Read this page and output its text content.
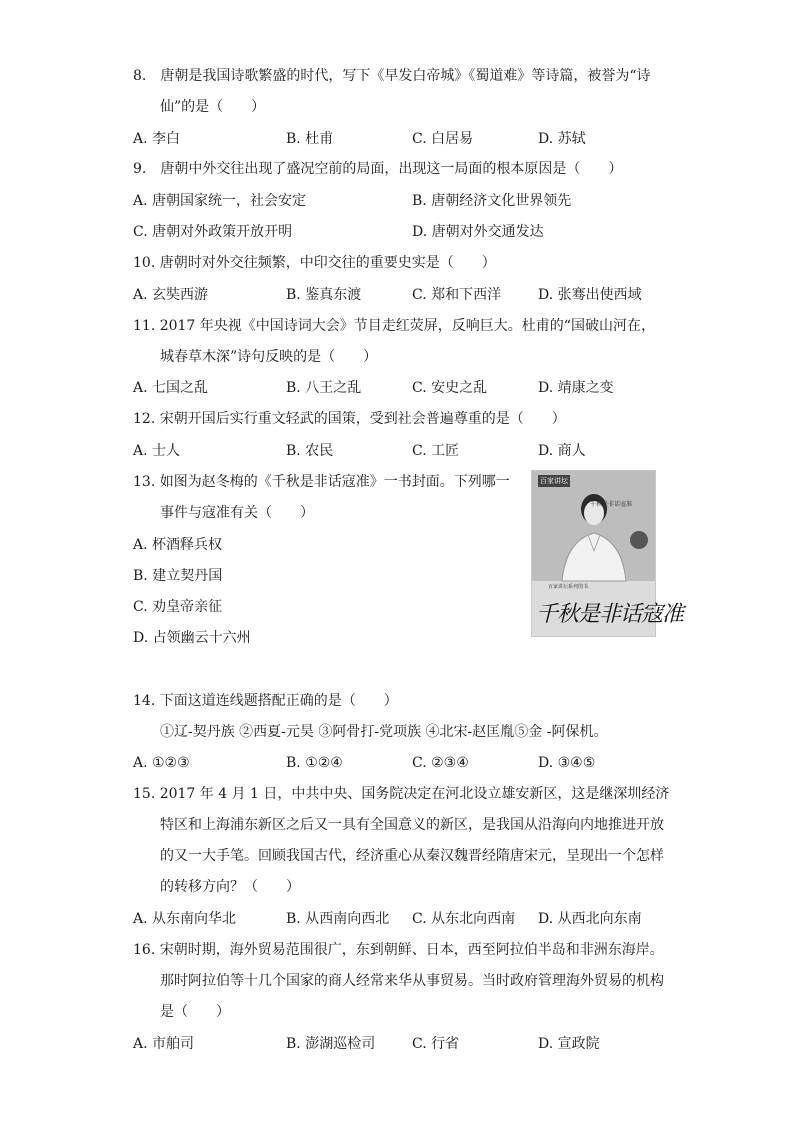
8.　唐朝是我国诗歌繁盛的时代，写下《早发白帝城》《蜀道难》等诗篇，被誉为“诗
仙”的是（　　）
A. 李白	B. 杜甫	C. 白居易	D. 苏轼
9.　唐朝中外交往出现了盛况空前的局面，出现这一局面的根本原因是（　　）
A. 唐朝国家统一，社会安定	B. 唐朝经济文化世界领先
C. 唐朝对外政策开放开明	D. 唐朝对外交通发达
10. 唐朝时对外交往频繁，中印交往的重要史实是（　　）
A. 玄奘西游	B. 鉴真东渡	C. 郑和下西洋	D. 张骞出使西域
11. 2017 年央视《中国诗词大会》节目走红荧屏，反响巨大。杜甫的“国破山河在，
城春草木深”诗句反映的是（　　）
A. 七国之乱	B. 八王之乱	C. 安史之乱	D. 靖康之变
12. 宋朝开国后实行重文轻武的国策，受到社会普遍尊重的是（　　）
A. 士人	B. 农民	C. 工匠	D. 商人
13. 如图为赵冬梅的《千秋是非话寇准》一书封面。下列哪一
事件与寇准有关（　　）
A. 杯酒释兵权
B. 建立契丹国
C. 劝皇帝亲征
D. 占领幽云十六州
百家讲坛
千秋是非话寇准
百家讲坛系列图书
千秋是非话寇准
14. 下面这道连线题搭配正确的是（　　）
①辽-契丹族 ②西夏-元昊 ③阿骨打-党项族 ④北宋-赵匡胤⑤金 -阿保机。
A. ①②③	B. ①②④	C. ②③④	D. ③④⑤
15. 2017 年 4 月 1 日，中共中央、国务院决定在河北设立雄安新区，这是继深圳经济
特区和上海浦东新区之后又一具有全国意义的新区，是我国从沿海向内地推进开放
的又一大手笔。回顾我国古代，经济重心从秦汉魏晋经隋唐宋元，呈现出一个怎样
的转移方向？（　　）
A. 从东南向华北	B. 从西南向西北 C. 从东北向西南 D. 从西北向东南
16. 宋朝时期，海外贸易范围很广，东到朝鲜、日本，西至阿拉伯半岛和非洲东海岸。
那时阿拉伯等十几个国家的商人经常来华从事贸易。当时政府管理海外贸易的机构
是（　　）
A. 市舶司	B. 澎湖巡检司	C. 行省	D. 宣政院
